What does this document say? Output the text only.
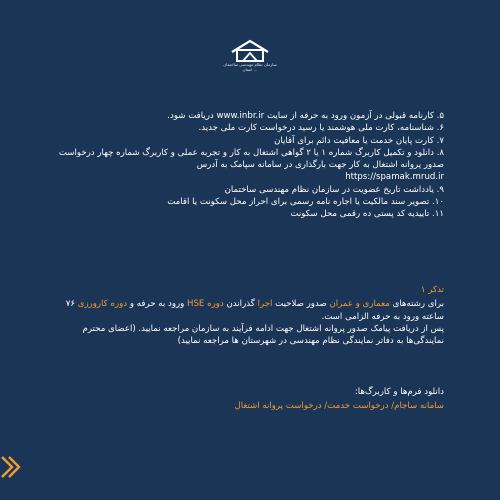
سازمان نظام مهندسی ساختمان
استان ...

۵. کارنامه قبولی در آزمون ورود به حرفه از سایت www.inbr.ir دریافت شود.

۶. شناسنامه، کارت ملی هوشمند یا رسید درخواست کارت ملی جدید.

۷. کارت پایان خدمت یا معافیت دائم برای آقایان

۸. دانلود و تکمیل کاربرگ شماره ۱ یا ۲ گواهی اشتغال به کار و تجربه عملی و کاربرگ شماره چهار درخواست صدور پروانه اشتغال به کار جهت بارگذاری در سامانه سپامک به آدرس

https://spamak.mrud.ir

۹. یادداشت تاریخ عضویت در سازمان نظام مهندسی ساختمان

۱۰. تصویر سند مالکیت یا اجاره نامه رسمی برای احراز محل سکونت یا اقامت

۱۱. تاییدیه کد پستی ده رقمی محل سکونت

تذکر ۱

برای رشته‌های معماری و عمران صدور صلاحیت اجرا گذراندن دوره HSE ورود به حرفه و دوره کارورزی ۷۶ ساعته ورود به حرفه الزامی است.

پس از دریافت پیامک صدور پروانه اشتغال جهت ادامه فرآیند به سازمان مراجعه نمایید. (اعضای محترم نمایندگی‌ها به دفاتر نمایندگی نظام مهندسی در شهرستان ها مراجعه نمایید)

دانلود فرم‌ها و کاربرگ‌ها:

سامانه ساجام/ درخواست خدمت/ درخواست پروانه اشتغال
